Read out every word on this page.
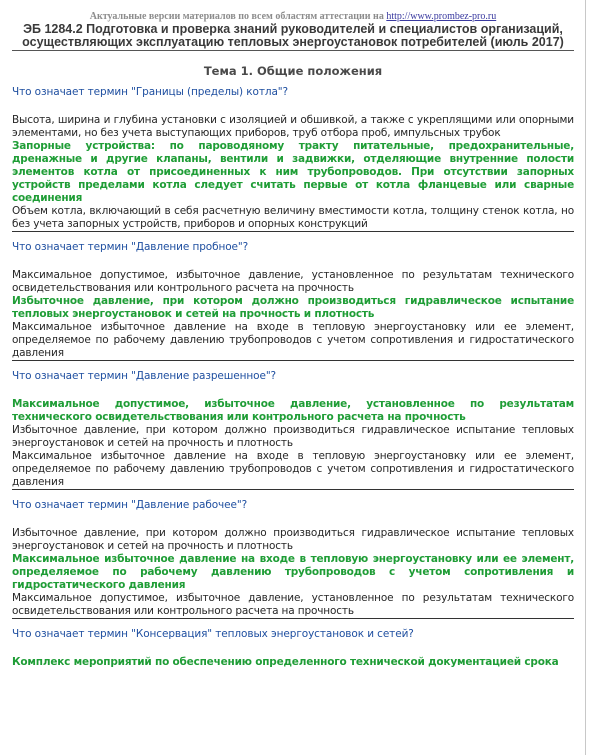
Актуальные версии материалов по всем областям аттестации на http://www.prombez-pro.ru
ЭБ 1284.2 Подготовка и проверка знаний руководителей и специалистов организаций, осуществляющих эксплуатацию тепловых энергоустановок потребителей (июль 2017)
Тема 1. Общие положения
Что означает термин "Границы (пределы) котла"?
Высота, ширина и глубина установки с изоляцией и обшивкой, а также с укреплящими или опорными элементами, но без учета выступающих приборов, труб отбора проб, импульсных трубок
Запорные устройства: по пароводяному тракту питательные, предохранительные, дренажные и другие клапаны, вентили и задвижки, отделяющие внутренние полости элементов котла от присоединенных к ним трубопроводов. При отсутствии запорных устройств пределами котла следует считать первые от котла фланцевые или сварные соединения
Объем котла, включающий в себя расчетную величину вместимости котла, толщину стенок котла, но без учета запорных устройств, приборов и опорных конструкций
Что означает термин "Давление пробное"?
Максимальное допустимое, избыточное давление, установленное по результатам технического освидетельствования или контрольного расчета на прочность
Избыточное давление, при котором должно производиться гидравлическое испытание тепловых энергоустановок и сетей на прочность и плотность
Максимальное избыточное давление на входе в тепловую энергоустановку или ее элемент, определяемое по рабочему давлению трубопроводов с учетом сопротивления и гидростатического давления
Что означает термин "Давление разрешенное"?
Максимальное допустимое, избыточное давление, установленное по результатам технического освидетельствования или контрольного расчета на прочность
Избыточное давление, при котором должно производиться гидравлическое испытание тепловых энергоустановок и сетей на прочность и плотность
Максимальное избыточное давление на входе в тепловую энергоустановку или ее элемент, определяемое по рабочему давлению трубопроводов с учетом сопротивления и гидростатического давления
Что означает термин "Давление рабочее"?
Избыточное давление, при котором должно производиться гидравлическое испытание тепловых энергоустановок и сетей на прочность и плотность
Максимальное избыточное давление на входе в тепловую энергоустановку или ее элемент, определяемое по рабочему давлению трубопроводов с учетом сопротивления и гидростатического давления
Максимальное допустимое, избыточное давление, установленное по результатам технического освидетельствования или контрольного расчета на прочность
Что означает термин "Консервация" тепловых энергоустановок и сетей?
Комплекс мероприятий по обеспечению определенного технической документацией срока
